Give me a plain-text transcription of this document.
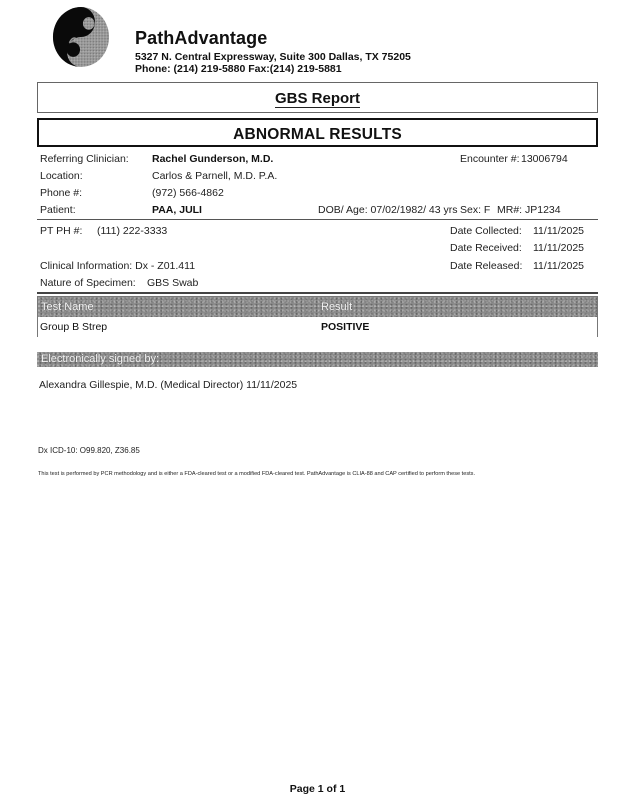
PathAdvantage
5327 N. Central Expressway, Suite 300 Dallas, TX 75205
Phone: (214) 219-5880 Fax:(214) 219-5881
GBS Report
ABNORMAL RESULTS
Referring Clinician: Rachel Gunderson, M.D.	Encounter #: 13006794
Location:	Carlos & Parnell, M.D. P.A.
Phone #:	(972) 566-4862
Patient:	PAA, JULI	DOB/ Age: 07/02/1982/ 43 yrs Sex: F MR#: JP1234
PT PH #: (111) 222-3333	Date Collected: 11/11/2025
Date Received: 11/11/2025
Clinical Information: Dx - Z01.411	Date Released: 11/11/2025
Nature of Specimen: GBS Swab
Test Name	Result
Group B Strep	POSITIVE
Electronically signed by:
Alexandra Gillespie, M.D. (Medical Director) 11/11/2025
Dx ICD-10: O99.820, Z36.85
This test is performed by PCR methodology and is either a FDA-cleared test or a modified FDA-cleared test. PathAdvantage is CLIA-88 and CAP certified to perform these tests.
Page 1 of 1
